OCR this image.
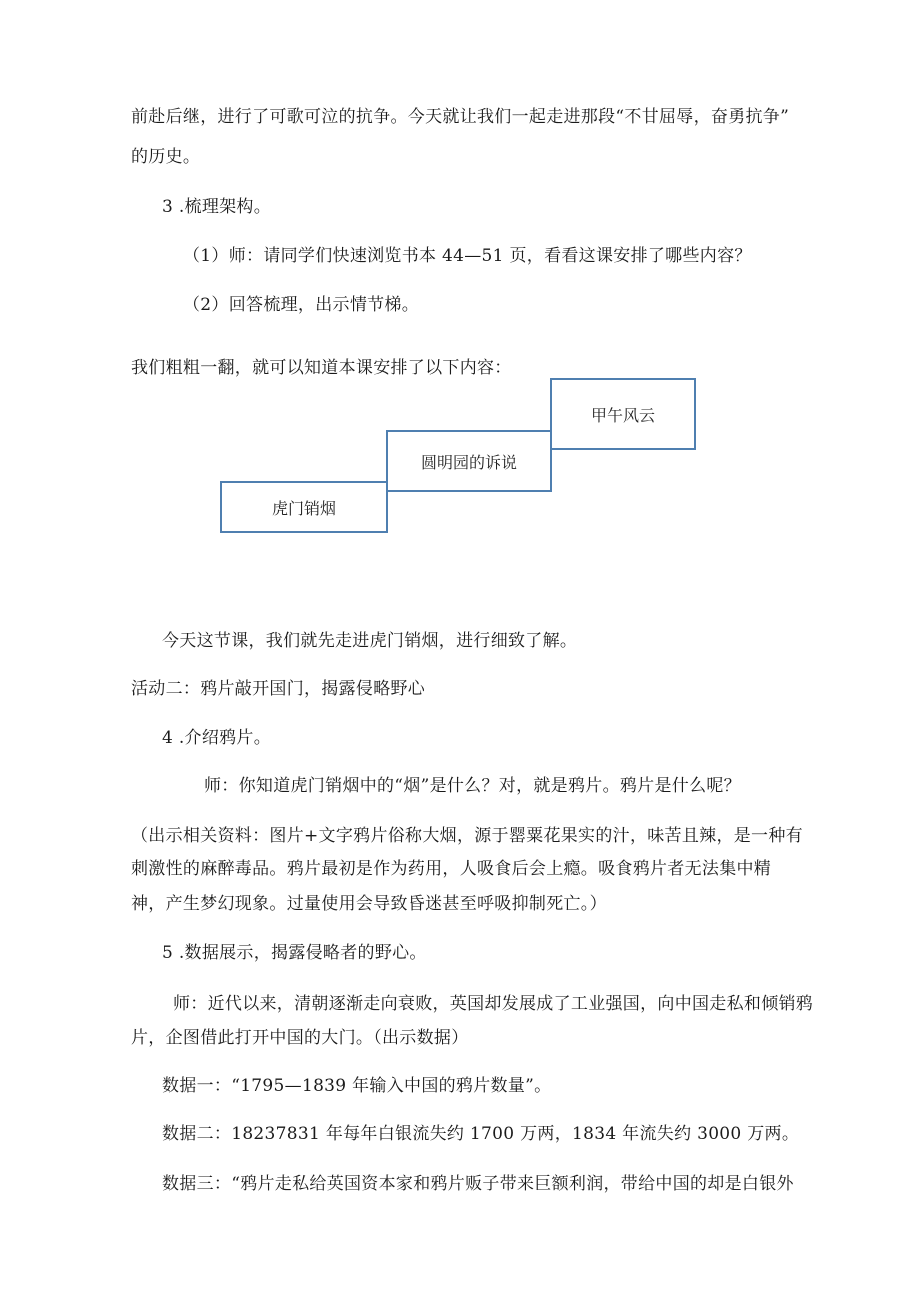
前赴后继，进行了可歌可泣的抗争。今天就让我们一起走进那段“不甘屈辱，奋勇抗争”
的历史。
3 .梳理架构。
（1）师：请同学们快速浏览书本 44—51 页，看看这课安排了哪些内容？
（2）回答梳理，出示情节梯。
我们粗粗一翻，就可以知道本课安排了以下内容：
虎门销烟
圆明园的诉说
甲午风云
今天这节课，我们就先走进虎门销烟，进行细致了解。
活动二：鸦片敲开国门，揭露侵略野心
4 .介绍鸦片。
师：你知道虎门销烟中的“烟”是什么？对，就是鸦片。鸦片是什么呢？
（出示相关资料：图片+文字鸦片俗称大烟，源于罂粟花果实的汁，味苦且辣，是一种有
刺激性的麻醉毒品。鸦片最初是作为药用，人吸食后会上瘾。吸食鸦片者无法集中精
神，产生梦幻现象。过量使用会导致昏迷甚至呼吸抑制死亡。）
5 .数据展示，揭露侵略者的野心。
师：近代以来，清朝逐渐走向衰败，英国却发展成了工业强国，向中国走私和倾销鸦
片，企图借此打开中国的大门。（出示数据）
数据一：“1795—1839 年输入中国的鸦片数量”。
数据二：18237831 年每年白银流失约 1700 万两，1834 年流失约 3000 万两。
数据三：“鸦片走私给英国资本家和鸦片贩子带来巨额利润，带给中国的却是白银外
